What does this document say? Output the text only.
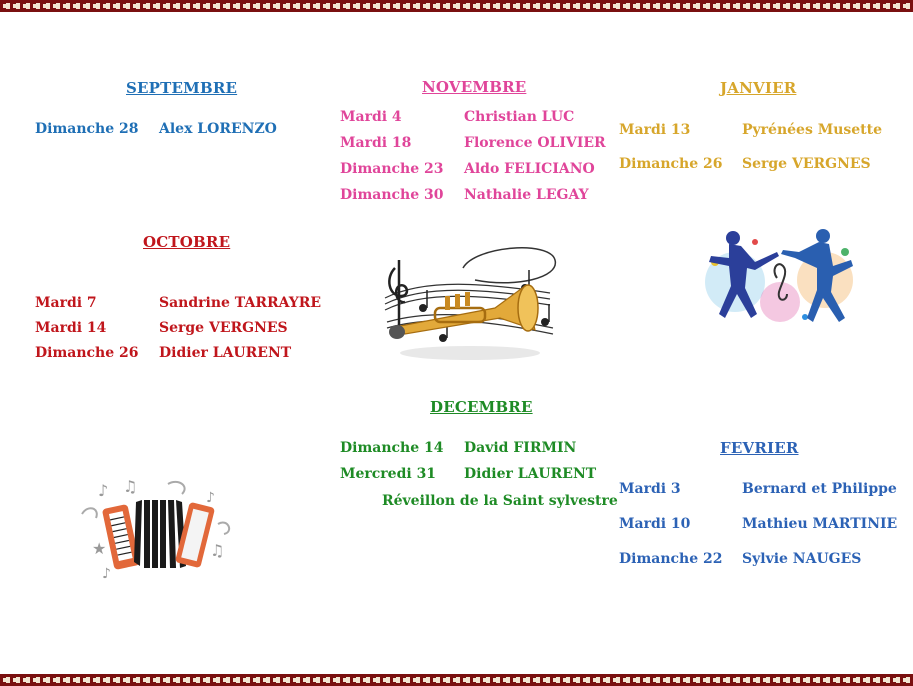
SEPTEMBRE
Dimanche 28 Alex LORENZO
OCTOBRE
Mardi 7	Sandrine TARRAYRE
Mardi 14	Serge VERGNES
Dimanche 26 Didier LAURENT
NOVEMBRE
Mardi 4	Christian LUC
Mardi 18	Florence OLIVIER
Dimanche 23 Aldo FELICIANO
Dimanche 30 Nathalie LEGAY
DECEMBRE
Dimanche 14 David FIRMIN
Mercredi 31 Didier LAURENT
Réveillon de la Saint sylvestre
JANVIER
Mardi 13	Pyrénées Musette
Dimanche 26 Serge VERGNES
FEVRIER
Mardi 3	Bernard et Philippe
Mardi 10	Mathieu MARTINIE
Dimanche 22 Sylvie NAUGES
♪ ♫
♪
♫
★
♪
